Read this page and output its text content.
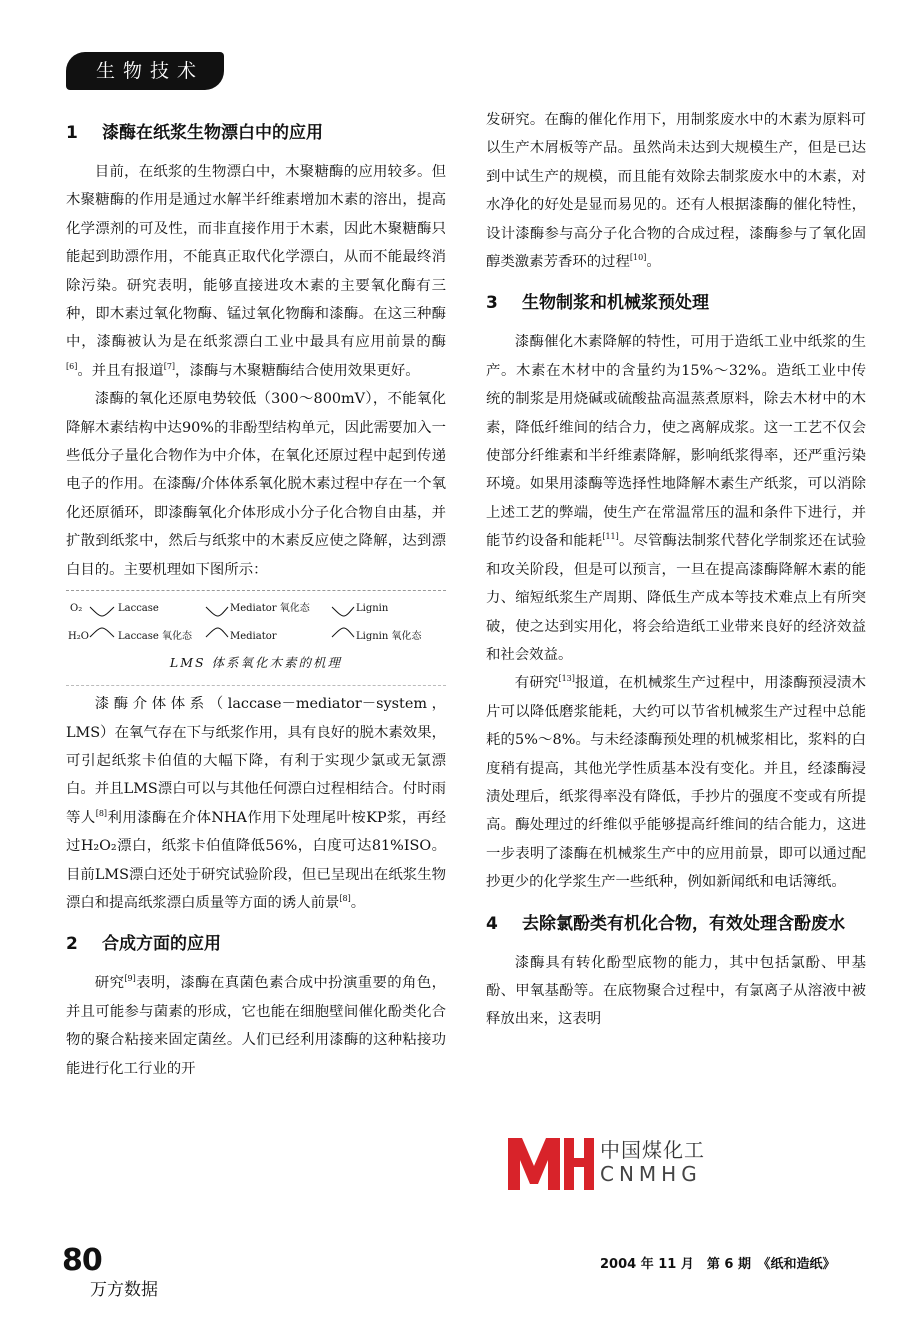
生物技术
1 漆酶在纸浆生物漂白中的应用

目前，在纸浆的生物漂白中，木聚糖酶的应用较多。但木聚糖酶的作用是通过水解半纤维素增加木素的溶出，提高化学漂剂的可及性，而非直接作用于木素，因此木聚糖酶只能起到助漂作用，不能真正取代化学漂白，从而不能最终消除污染。研究表明，能够直接进攻木素的主要氧化酶有三种，即木素过氧化物酶、锰过氧化物酶和漆酶。在这三种酶中，漆酶被认为是在纸浆漂白工业中最具有应用前景的酶[6]。并且有报道[7]，漆酶与木聚糖酶结合使用效果更好。

漆酶的氧化还原电势较低（300～800mV），不能氧化降解木素结构中达90%的非酚型结构单元，因此需要加入一些低分子量化合物作为中介体，在氧化还原过程中起到传递电子的作用。在漆酶/介体体系氧化脱木素过程中存在一个氧化还原循环，即漆酶氧化介体形成小分子化合物自由基，并扩散到纸浆中，然后与纸浆中的木素反应使之降解，达到漂白目的。主要机理如下图所示：

O₂
H₂O
Laccase
Laccase 氧化态
Mediator 氧化态
Mediator
Lignin
Lignin 氧化态
LMS 体系氧化木素的机理

漆酶介体体系（laccase－mediator－system，LMS）在氧气存在下与纸浆作用，具有良好的脱木素效果，可引起纸浆卡伯值的大幅下降，有利于实现少氯或无氯漂白。并且LMS漂白可以与其他任何漂白过程相结合。付时雨等人[8]利用漆酶在介体NHA作用下处理尾叶桉KP浆，再经过H₂O₂漂白，纸浆卡伯值降低56%，白度可达81%ISO。目前LMS漂白还处于研究试验阶段，但已呈现出在纸浆生物漂白和提高纸浆漂白质量等方面的诱人前景[8]。

2 合成方面的应用

研究[9]表明，漆酶在真菌色素合成中扮演重要的角色，并且可能参与菌素的形成，它也能在细胞壁间催化酚类化合物的聚合粘接来固定菌丝。人们已经利用漆酶的这种粘接功能进行化工行业的开

发研究。在酶的催化作用下，用制浆废水中的木素为原料可以生产木屑板等产品。虽然尚未达到大规模生产，但是已达到中试生产的规模，而且能有效除去制浆废水中的木素，对水净化的好处是显而易见的。还有人根据漆酶的催化特性，设计漆酶参与高分子化合物的合成过程，漆酶参与了氧化固醇类激素芳香环的过程[10]。

3 生物制浆和机械浆预处理

漆酶催化木素降解的特性，可用于造纸工业中纸浆的生产。木素在木材中的含量约为15%～32%。造纸工业中传统的制浆是用烧碱或硫酸盐高温蒸煮原料，除去木材中的木素，降低纤维间的结合力，使之离解成浆。这一工艺不仅会使部分纤维素和半纤维素降解，影响纸浆得率，还严重污染环境。如果用漆酶等选择性地降解木素生产纸浆，可以消除上述工艺的弊端，使生产在常温常压的温和条件下进行，并能节约设备和能耗[11]。尽管酶法制浆代替化学制浆还在试验和攻关阶段，但是可以预言，一旦在提高漆酶降解木素的能力、缩短纸浆生产周期、降低生产成本等技术难点上有所突破，使之达到实用化，将会给造纸工业带来良好的经济效益和社会效益。

有研究[13]报道，在机械浆生产过程中，用漆酶预浸渍木片可以降低磨浆能耗，大约可以节省机械浆生产过程中总能耗的5%～8%。与未经漆酶预处理的机械浆相比，浆料的白度稍有提高，其他光学性质基本没有变化。并且，经漆酶浸渍处理后，纸浆得率没有降低，手抄片的强度不变或有所提高。酶处理过的纤维似乎能够提高纤维间的结合能力，这进一步表明了漆酶在机械浆生产中的应用前景，即可以通过配抄更少的化学浆生产一些纸种，例如新闻纸和电话簿纸。

4 去除氯酚类有机化合物，有效处理含酚废水

漆酶具有转化酚型底物的能力，其中包括氯酚、甲基酚、甲氧基酚等。在底物聚合过程中，有氯离子从溶液中被释放出来，这表明

中国煤化工
CNMHG
80
万方数据
2004 年 11 月　第 6 期　《纸和造纸》
